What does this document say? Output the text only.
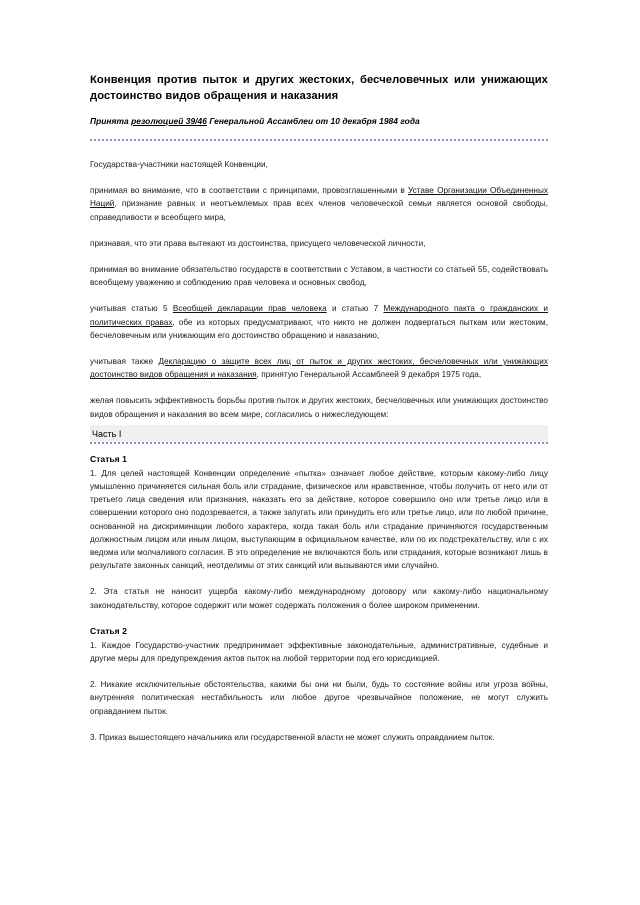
Конвенция против пыток и других жестоких, бесчеловечных или унижающих достоинство видов обращения и наказания

Принята резолюцией 39/46 Генеральной Ассамблеи от 10 декабря 1984 года

Государства-участники настоящей Конвенции,

принимая во внимание, что в соответствии с принципами, провозглашенными в Уставе Организации Объединенных Наций, признание равных и неотъемлемых прав всех членов человеческой семьи является основой свободы, справедливости и всеобщего мира,

признавая, что эти права вытекают из достоинства, присущего человеческой личности,

принимая во внимание обязательство государств в соответствии с Уставом, в частности со статьей 55, содействовать всеобщему уважению и соблюдению прав человека и основных свобод,

учитывая статью 5 Всеобщей декларации прав человека и статью 7 Международного пакта о гражданских и политических правах, обе из которых предусматривают, что никто не должен подвергаться пыткам или жестоким, бесчеловечным или унижающим его достоинство обращению и наказанию,

учитывая также Декларацию о защите всех лиц от пыток и других жестоких, бесчеловечных или унижающих достоинство видов обращения и наказания, принятую Генеральной Ассамблеей 9 декабря 1975 года,

желая повысить эффективность борьбы против пыток и других жестоких, бесчеловечных или унижающих достоинство видов обращения и наказания во всем мире, согласились о нижеследующем:

Часть I
Статья 1

1. Для целей настоящей Конвенции определение «пытка» означает любое действие, которым какому-либо лицу умышленно причиняется сильная боль или страдание, физическое или нравственное, чтобы получить от него или от третьего лица сведения или признания, наказать его за действие, которое совершило оно или третье лицо или в совершении которого оно подозревается, а также запугать или принудить его или третье лицо, или по любой причине, основанной на дискриминации любого характера, когда такая боль или страдание причиняются государственным должностным лицом или иным лицом, выступающим в официальном качестве, или по их подстрекательству, или с их ведома или молчаливого согласия. В это определение не включаются боль или страдания, которые возникают лишь в результате законных санкций, неотделимы от этих санкций или вызываются ими случайно.

2. Эта статья не наносит ущерба какому-либо международному договору или какому-либо национальному законодательству, которое содержит или может содержать положения о более широком применении.

Статья 2

1. Каждое Государство-участник предпринимает эффективные законодательные, административные, судебные и другие меры для предупреждения актов пыток на любой территории под его юрисдикцией.

2. Никакие исключительные обстоятельства, какими бы они ни были, будь то состояние войны или угроза войны, внутренняя политическая нестабильность или любое другое чрезвычайное положение, не могут служить оправданием пыток.

3. Приказ вышестоящего начальника или государственной власти не может служить оправданием пыток.
